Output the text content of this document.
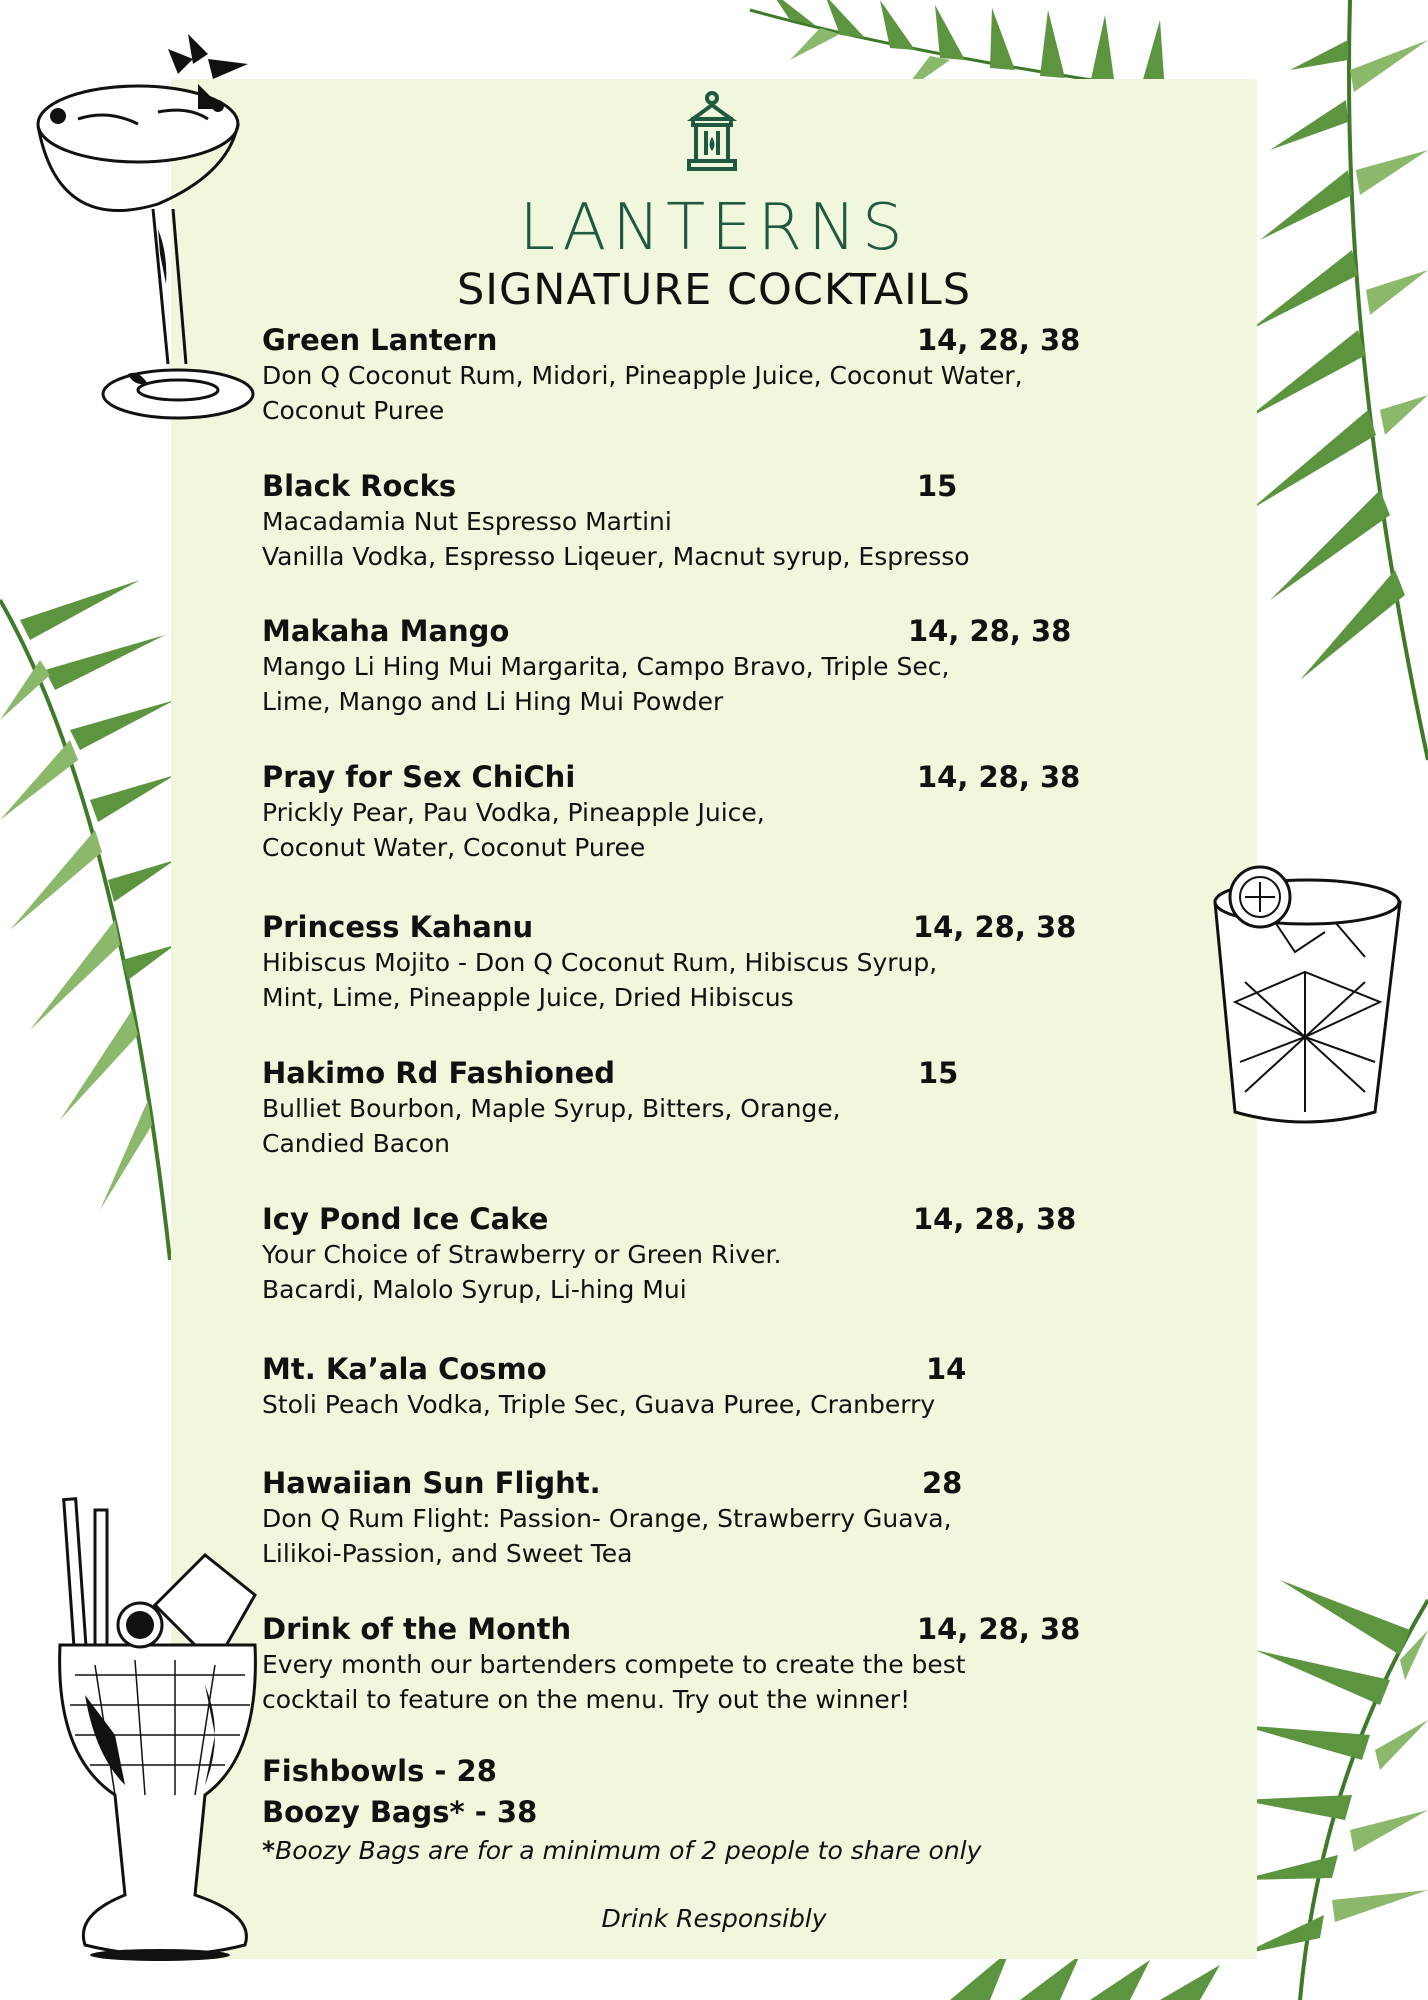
LANTERNS
SIGNATURE COCKTAILS
Green Lantern	14, 28, 38
Don Q Coconut Rum, Midori, Pineapple Juice, Coconut Water,
Coconut Puree
Black Rocks	15
Macadamia Nut Espresso Martini
Vanilla Vodka, Espresso Liqeuer, Macnut syrup, Espresso
Makaha Mango	14, 28, 38
Mango Li Hing Mui Margarita, Campo Bravo, Triple Sec,
Lime, Mango and Li Hing Mui Powder
Pray for Sex ChiChi	14, 28, 38
Prickly Pear, Pau Vodka, Pineapple Juice,
Coconut Water, Coconut Puree
Princess Kahanu	14, 28, 38
Hibiscus Mojito - Don Q Coconut Rum, Hibiscus Syrup,
Mint, Lime, Pineapple Juice, Dried Hibiscus
Hakimo Rd Fashioned	15
Bulliet Bourbon, Maple Syrup, Bitters, Orange,
Candied Bacon
Icy Pond Ice Cake	14, 28, 38
Your Choice of Strawberry or Green River.
Bacardi, Malolo Syrup, Li-hing Mui
Mt. Ka’ala Cosmo	14
Stoli Peach Vodka, Triple Sec, Guava Puree, Cranberry
Hawaiian Sun Flight.	28
Don Q Rum Flight: Passion- Orange, Strawberry Guava,
Lilikoi-Passion, and Sweet Tea
Drink of the Month	14, 28, 38
Every month our bartenders compete to create the best
cocktail to feature on the menu. Try out the winner!
Fishbowls - 28
Boozy Bags* - 38
*Boozy Bags are for a minimum of 2 people to share only
Drink Responsibly
